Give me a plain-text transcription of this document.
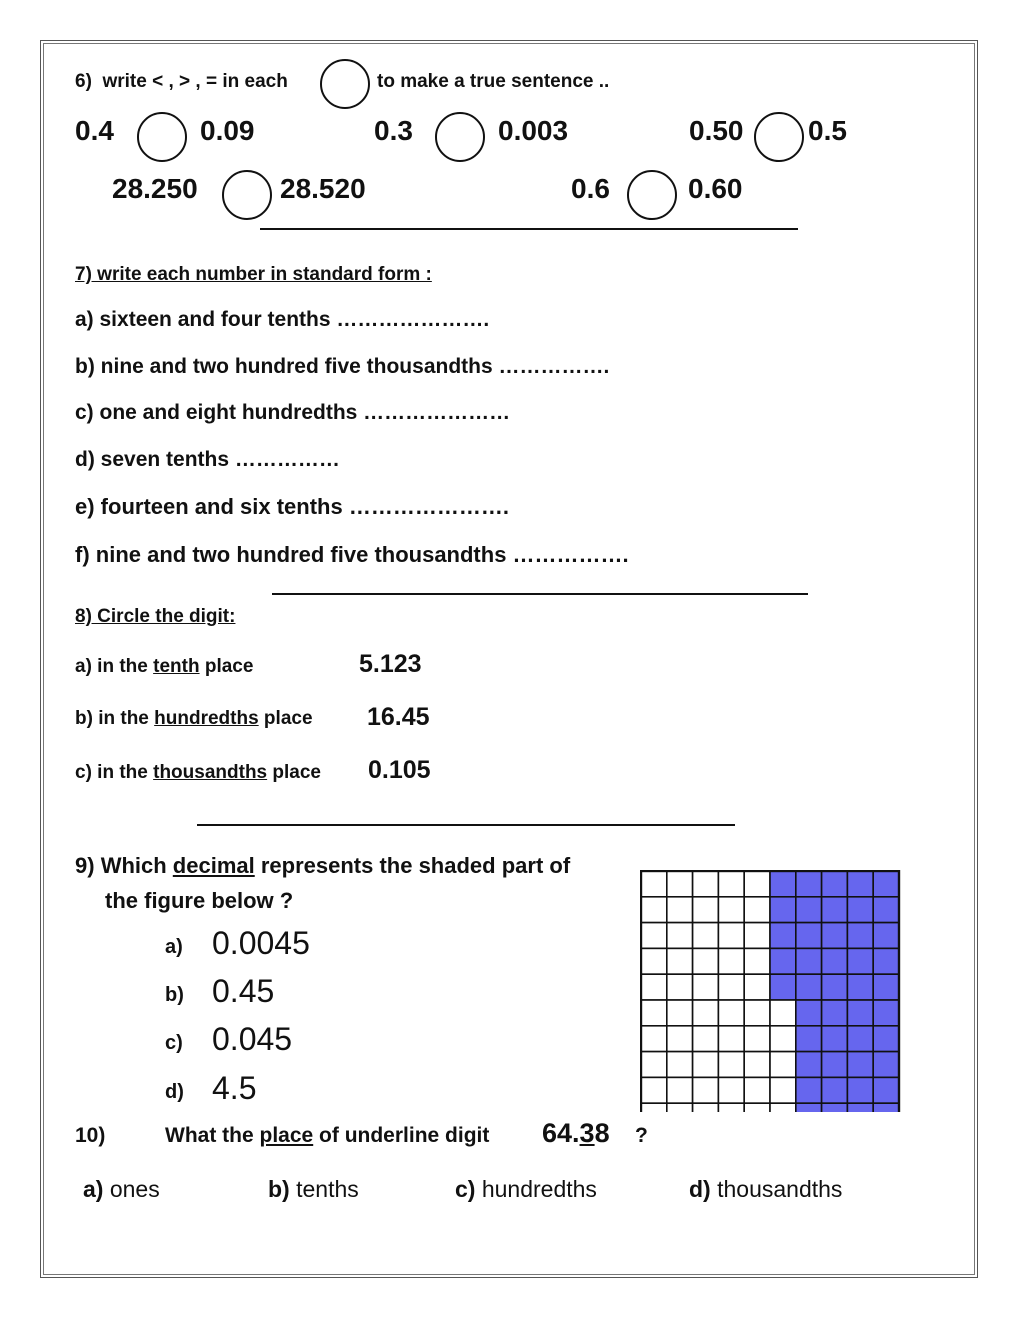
6) write < , > , = in each	to make a true sentence ..
0.4	0.09	0.3	0.003	0.50 0.5
28.250	28.520	0.6	0.60
7) write each number in standard form :
a) sixteen and four tenths ………………….
b) nine and two hundred five thousandths …………….
c) one and eight hundredths …………………
d) seven tenths ……………
e) fourteen and six tenths ………………….
f) nine and two hundred five thousandths …………….
8) Circle the digit:
a) in the tenth place	5.123
b) in the hundredths place 16.45
c) in the thousandths place 0.105
9) Which decimal represents the shaded part of
the figure below ?
a) 0.0045
b) 0.45
c) 0.045
d) 4.5
10)	What the place of underline digit 64.38 ?
a) ones	b) tenths	c) hundredths	d) thousandths
